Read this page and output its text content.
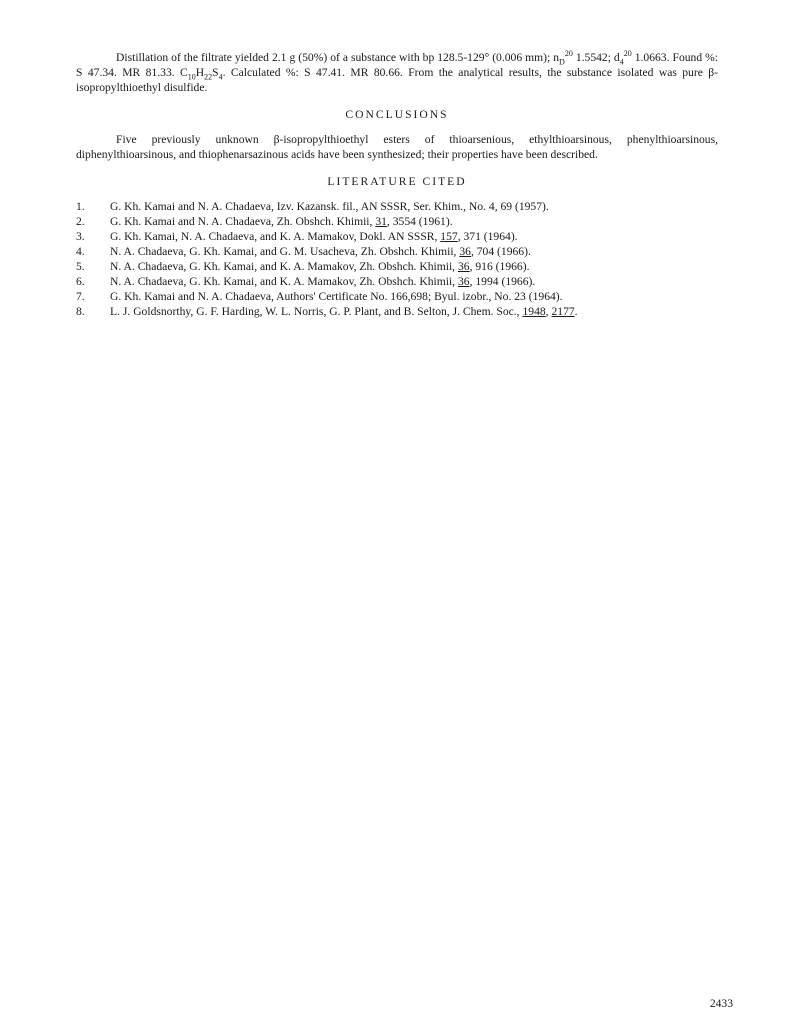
Distillation of the filtrate yielded 2.1 g (50%) of a substance with bp 128.5-129° (0.006 mm); $n_D^{20}$ 1.5542; $d_4^{20}$ 1.0663. Found %: S 47.34. MR 81.33. $C_{10}H_{22}S_4$. Calculated %: S 47.41. MR 80.66. From the analytical results, the substance isolated was pure β-isopropylthioethyl disulfide.

CONCLUSIONS

Five previously unknown β-isopropylthioethyl esters of thioarsenious, ethylthioarsinous, phenylthioarsinous, diphenylthioarsinous, and thiophenarsazinous acids have been synthesized; their properties have been described.

LITERATURE CITED
1.	G. Kh. Kamai and N. A. Chadaeva, Izv. Kazansk. fil., AN SSSR, Ser. Khim., No. 4, 69 (1957).
2.	G. Kh. Kamai and N. A. Chadaeva, Zh. Obshch. Khimii, 31, 3554 (1961).
3.	G. Kh. Kamai, N. A. Chadaeva, and K. A. Mamakov, Dokl. AN SSSR, 157, 371 (1964).
4.	N. A. Chadaeva, G. Kh. Kamai, and G. M. Usacheva, Zh. Obshch. Khimii, 36, 704 (1966).
5.	N. A. Chadaeva, G. Kh. Kamai, and K. A. Mamakov, Zh. Obshch. Khimii, 36, 916 (1966).
6.	N. A. Chadaeva, G. Kh. Kamai, and K. A. Mamakov, Zh. Obshch. Khimii, 36, 1994 (1966).
7.	G. Kh. Kamai and N. A. Chadaeva, Authors' Certificate No. 166,698; Byul. izobr., No. 23 (1964).
8.	L. J. Goldsnorthy, G. F. Harding, W. L. Norris, G. P. Plant, and B. Selton, J. Chem. Soc., 1948, 2177.
2433
